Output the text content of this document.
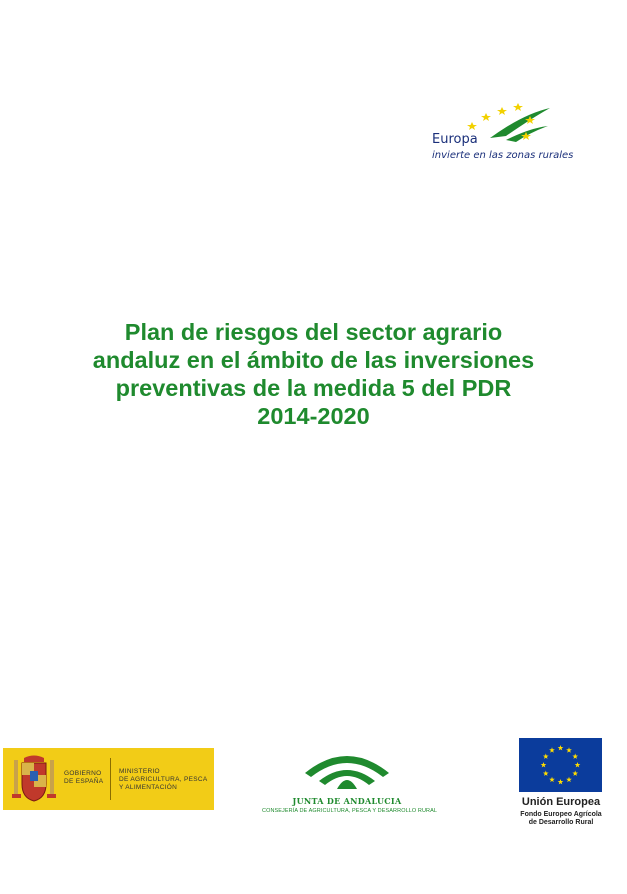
Europa
invierte en las zonas rurales
Plan de riesgos del sector agrario
andaluz en el ámbito de las inversiones
preventivas de la medida 5 del PDR
2014-2020
GOBIERNO
DE ESPAÑA
MINISTERIO
DE AGRICULTURA, PESCA
Y ALIMENTACIÓN
JUNTA DE ANDALUCIA
CONSEJERÍA DE AGRICULTURA, PESCA Y DESARROLLO RURAL
Unión Europea
Fondo Europeo Agrícola
de Desarrollo Rural
